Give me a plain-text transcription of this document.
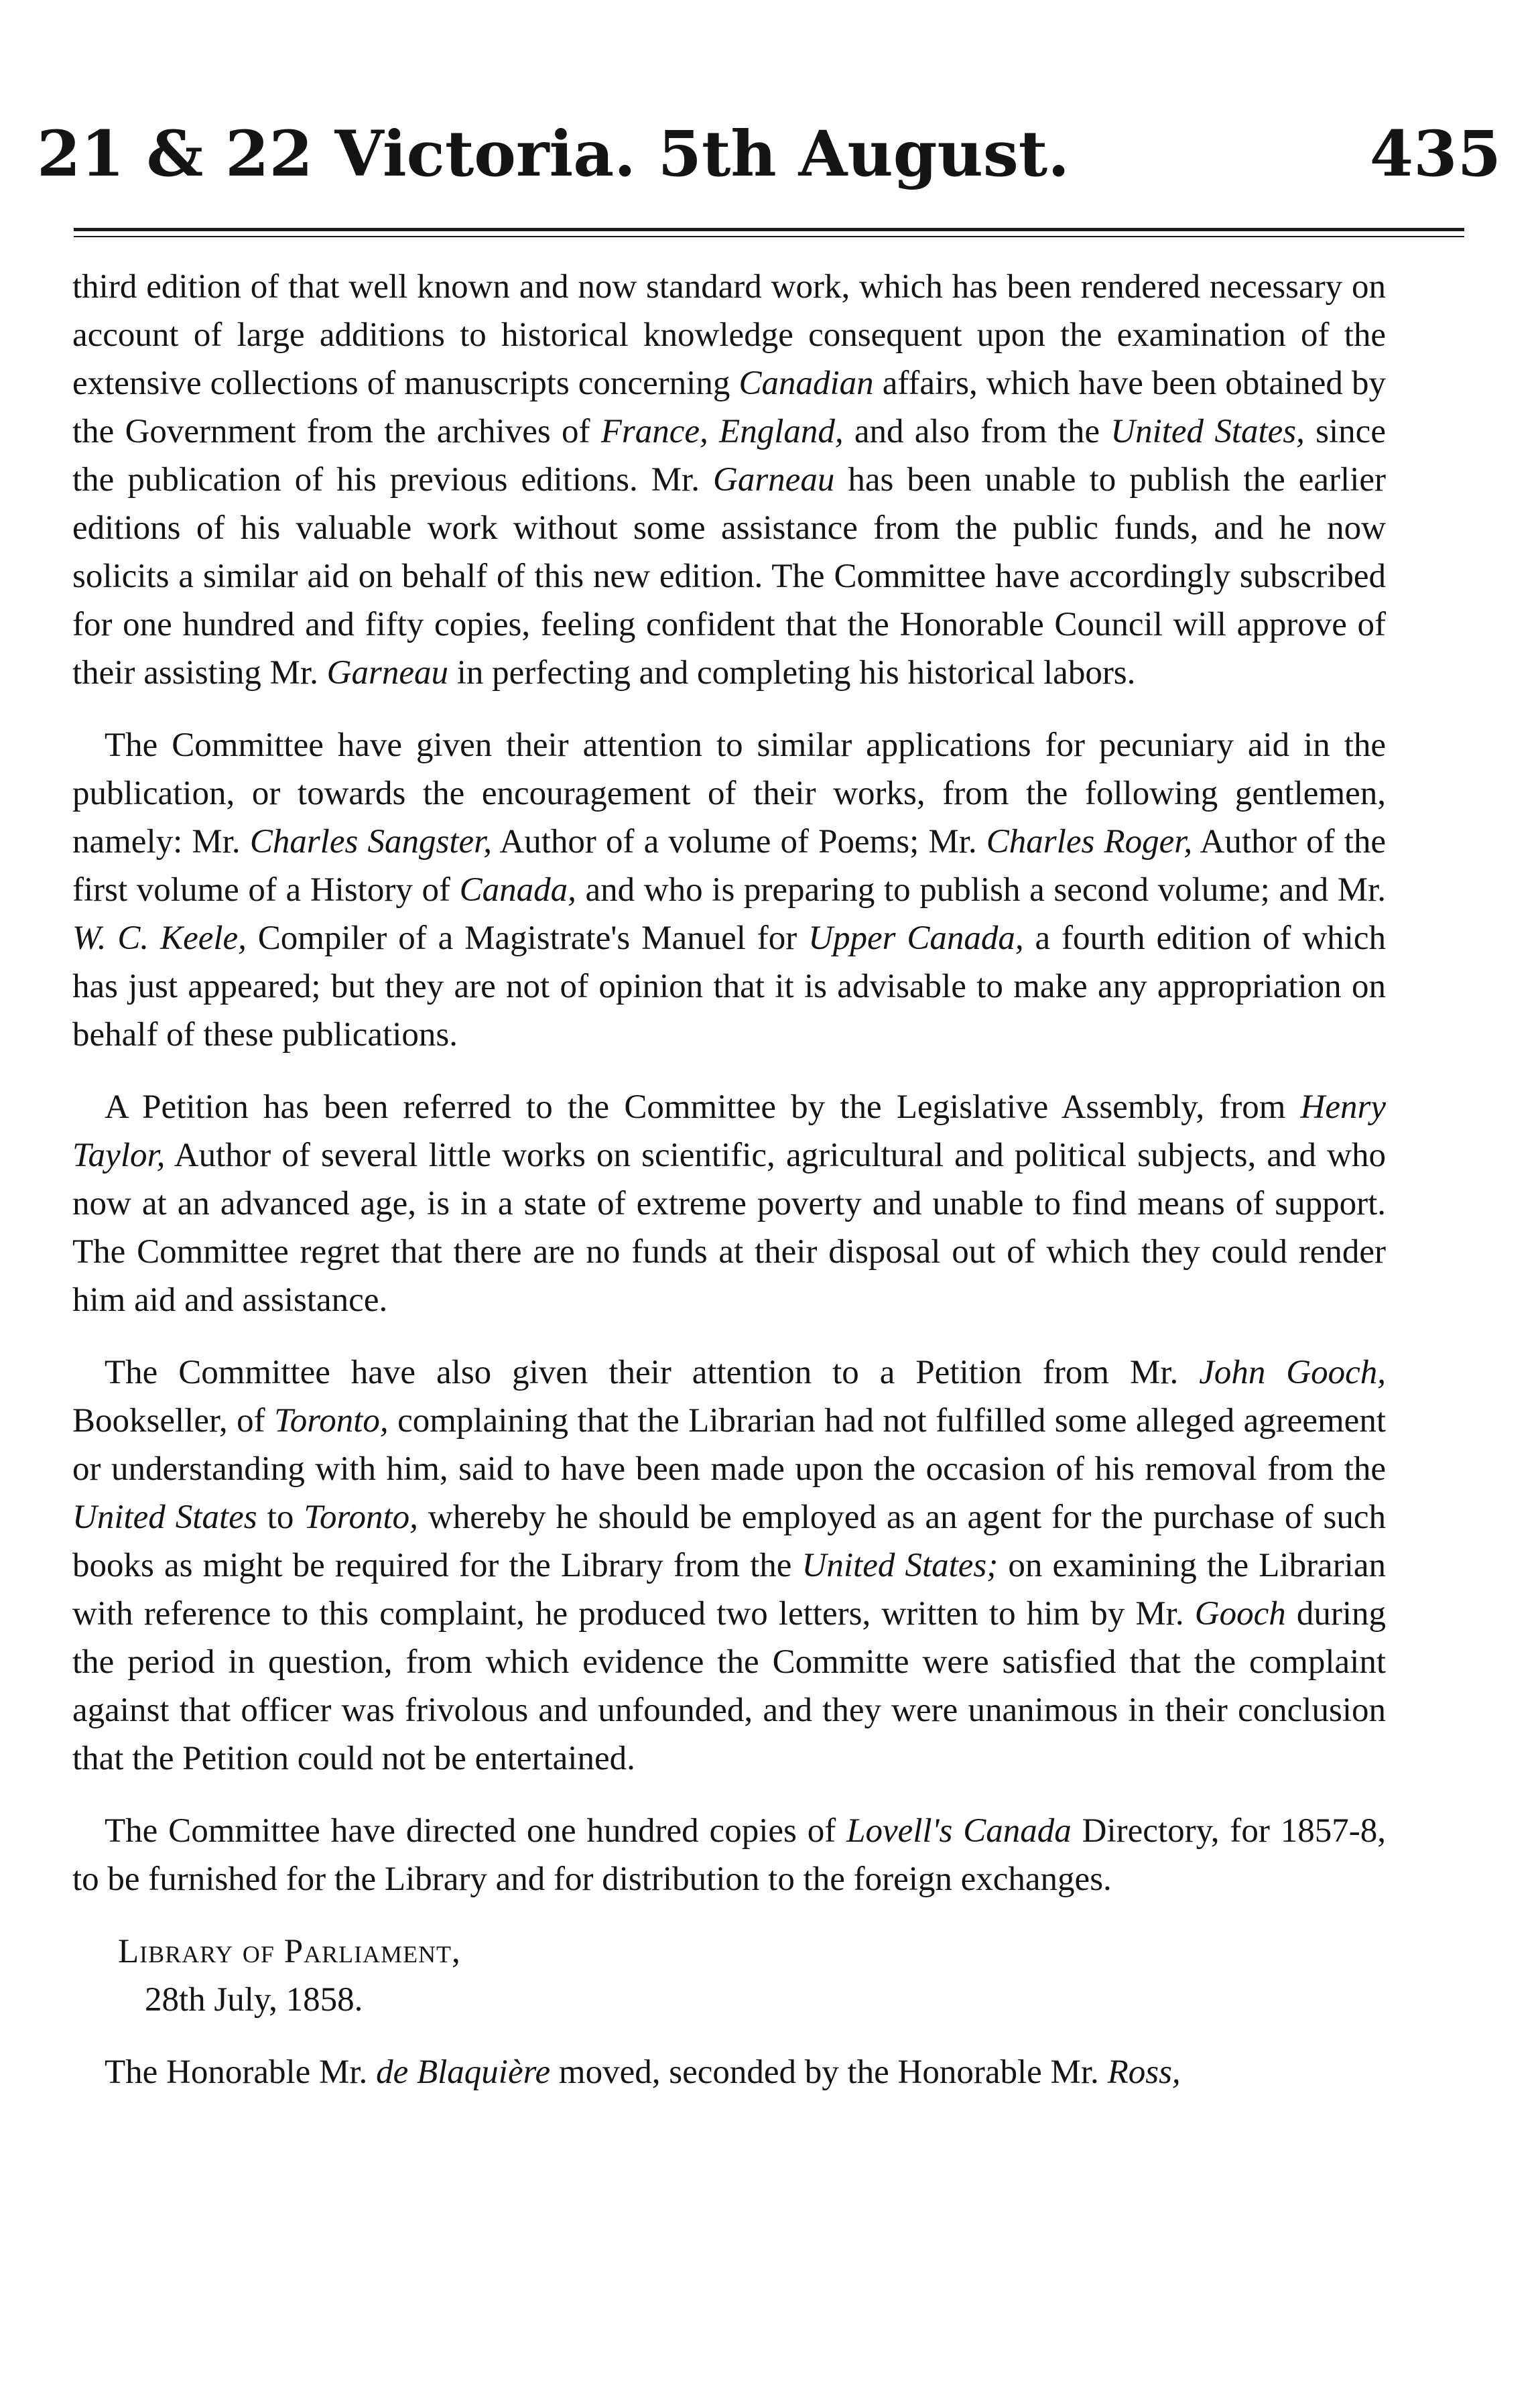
21 & 22 Victoria. 5th August.	435

third edition of that well known and now standard work, which has been rendered necessary on account of large additions to historical knowledge consequent upon the examination of the extensive collections of manuscripts concerning Canadian affairs, which have been obtained by the Government from the archives of France, England, and also from the United States, since the publication of his previous editions. Mr. Garneau has been unable to publish the earlier editions of his valuable work without some assistance from the public funds, and he now solicits a similar aid on behalf of this new edition. The Committee have accordingly subscribed for one hundred and fifty copies, feeling confident that the Honorable Council will approve of their assisting Mr. Garneau in perfecting and completing his historical labors.

The Committee have given their attention to similar applications for pecuniary aid in the publication, or towards the encouragement of their works, from the following gentlemen, namely: Mr. Charles Sangster, Author of a volume of Poems; Mr. Charles Roger, Author of the first volume of a History of Canada, and who is preparing to publish a second volume; and Mr. W. C. Keele, Compiler of a Magistrate's Manuel for Upper Canada, a fourth edition of which has just appeared; but they are not of opinion that it is advisable to make any appropriation on behalf of these publications.

A Petition has been referred to the Committee by the Legislative Assembly, from Henry Taylor, Author of several little works on scientific, agricultural and political subjects, and who now at an advanced age, is in a state of extreme poverty and unable to find means of support. The Committee regret that there are no funds at their disposal out of which they could render him aid and assistance.

The Committee have also given their attention to a Petition from Mr. John Gooch, Bookseller, of Toronto, complaining that the Librarian had not fulfilled some alleged agreement or understanding with him, said to have been made upon the occasion of his removal from the United States to Toronto, whereby he should be employed as an agent for the purchase of such books as might be required for the Library from the United States; on examining the Librarian with reference to this complaint, he produced two letters, written to him by Mr. Gooch during the period in question, from which evidence the Committe were satisfied that the complaint against that officer was frivolous and unfounded, and they were unanimous in their conclusion that the Petition could not be entertained.

The Committee have directed one hundred copies of Lovell's Canada Directory, for 1857-8, to be furnished for the Library and for distribution to the foreign exchanges.

Library of Parliament,
28th July, 1858.

The Honorable Mr. de Blaquière moved, seconded by the Honorable Mr. Ross,
